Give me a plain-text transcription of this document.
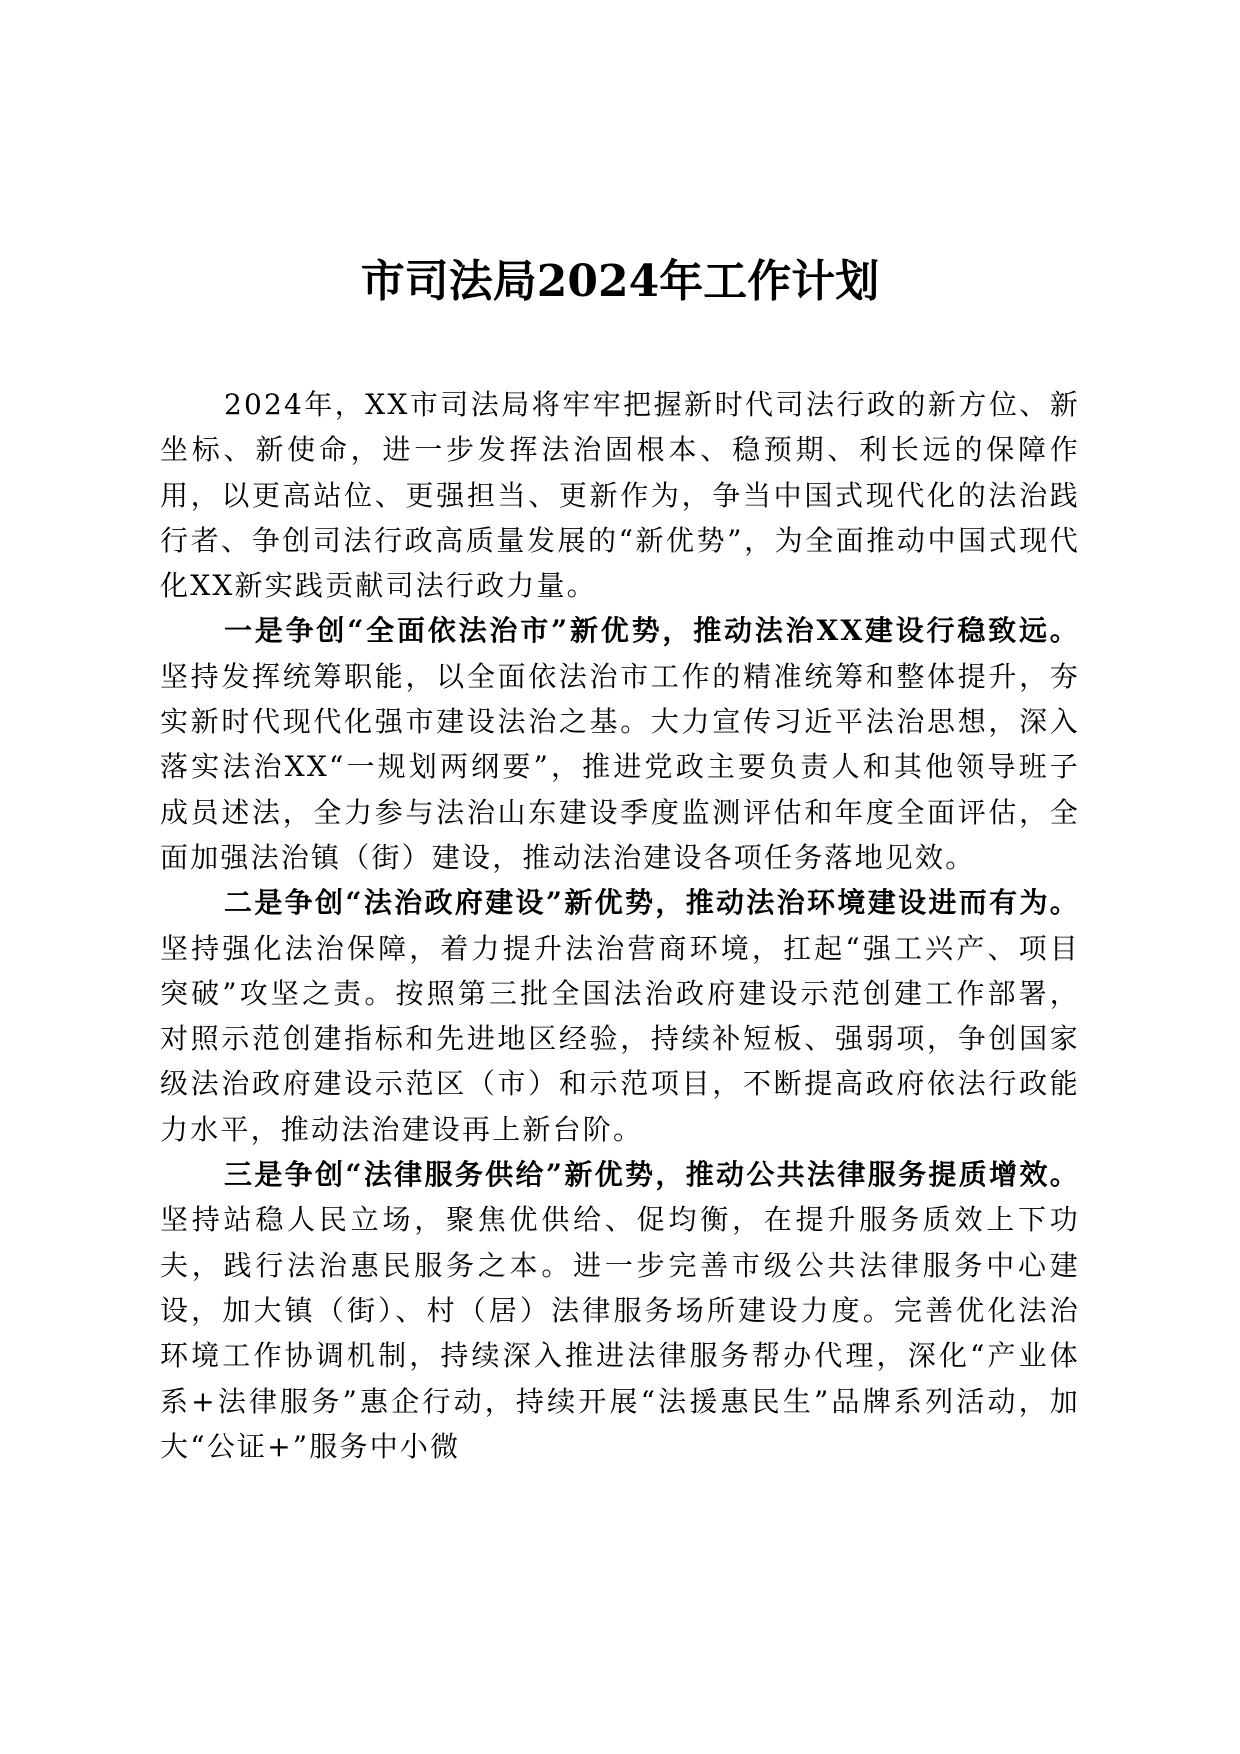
市司法局2024年工作计划

2024年，XX市司法局将牢牢把握新时代司法行政的新方位、新坐标、新使命，进一步发挥法治固根本、稳预期、利长远的保障作用，以更高站位、更强担当、更新作为，争当中国式现代化的法治践行者、争创司法行政高质量发展的“新优势”，为全面推动中国式现代化XX新实践贡献司法行政力量。

一是争创“全面依法治市”新优势，推动法治XX建设行稳致远。坚持发挥统筹职能，以全面依法治市工作的精准统筹和整体提升，夯实新时代现代化强市建设法治之基。大力宣传习近平法治思想，深入落实法治XX“一规划两纲要”，推进党政主要负责人和其他领导班子成员述法，全力参与法治山东建设季度监测评估和年度全面评估，全面加强法治镇（街）建设，推动法治建设各项任务落地见效。

二是争创“法治政府建设”新优势，推动法治环境建设进而有为。坚持强化法治保障，着力提升法治营商环境，扛起“强工兴产、项目突破”攻坚之责。按照第三批全国法治政府建设示范创建工作部署，对照示范创建指标和先进地区经验，持续补短板、强弱项，争创国家级法治政府建设示范区（市）和示范项目，不断提高政府依法行政能力水平，推动法治建设再上新台阶。

三是争创“法律服务供给”新优势，推动公共法律服务提质增效。坚持站稳人民立场，聚焦优供给、促均衡，在提升服务质效上下功夫，践行法治惠民服务之本。进一步完善市级公共法律服务中心建设，加大镇（街）、村（居）法律服务场所建设力度。完善优化法治环境工作协调机制，持续深入推进法律服务帮办代理，深化“产业体系+法律服务”惠企行动，持续开展“法援惠民生”品牌系列活动，加大“公证+”服务中小微
